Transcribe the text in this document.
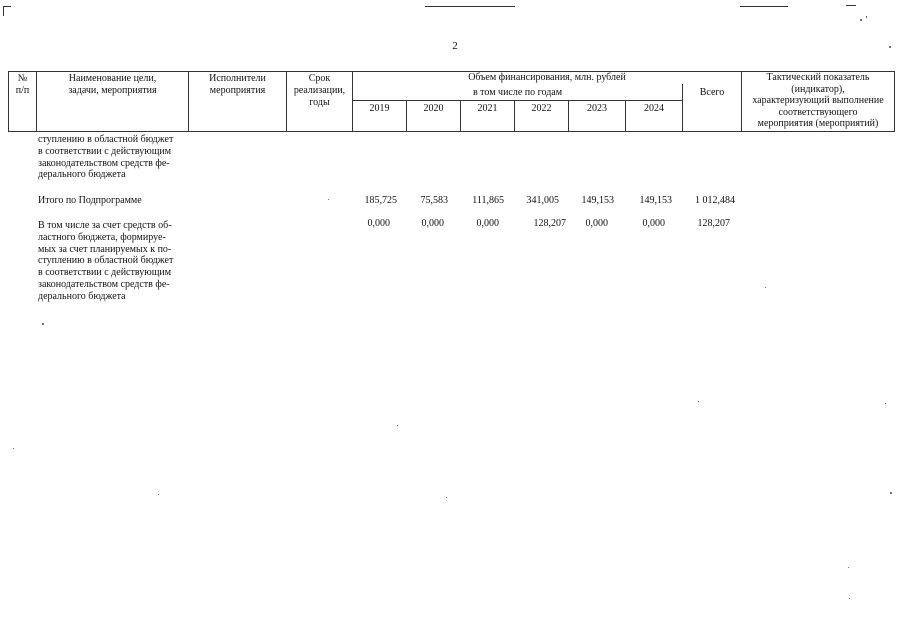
2
№
п/п
Наименование цели,
задачи, мероприятия
Исполнители
мероприятия
Срок
реализации,
годы
Объем финансирования, млн. рублей
в том числе по годам
2019	2020	2021	2022	2023	2024
Всего
Тактический показатель
(индикатор),
характеризующий выполнение
соответствующего
мероприятия (мероприятий)
ступлению в областной бюджет
в соответствии с действующим
законодательством средств фе-
дерального бюджета
Итого по Подпрограмме	185,725	75,583	111,865	341,005	149,153	149,153	1 012,484
В том числе за счет средств об-
ластного бюджета, формируе-
мых за счет планируемых к по-
ступлению в областной бюджет
в соответствии с действующим
законодательством средств фе-
дерального бюджета
0,000	0,000	0,000	128,207	0,000	0,000	128,207
